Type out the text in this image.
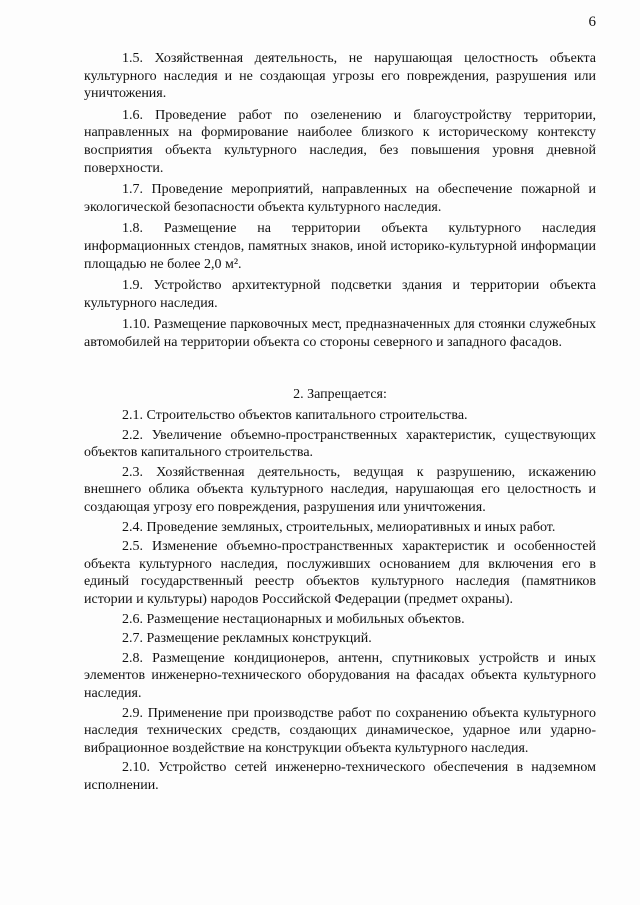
6

1.5. Хозяйственная деятельность, не нарушающая целостность объекта культурного наследия и не создающая угрозы его повреждения, разрушения или уничтожения.

1.6. Проведение работ по озеленению и благоустройству территории, направленных на формирование наиболее близкого к историческому контексту восприятия объекта культурного наследия, без повышения уровня дневной поверхности.

1.7. Проведение мероприятий, направленных на обеспечение пожарной и экологической безопасности объекта культурного наследия.

1.8. Размещение на территории объекта культурного наследия информационных стендов, памятных знаков, иной историко-культурной информации площадью не более 2,0 м².

1.9. Устройство архитектурной подсветки здания и территории объекта культурного наследия.

1.10. Размещение парковочных мест, предназначенных для стоянки служебных автомобилей на территории объекта со стороны северного и западного фасадов.

2. Запрещается:

2.1. Строительство объектов капитального строительства.

2.2. Увеличение объемно-пространственных характеристик, существующих объектов капитального строительства.

2.3. Хозяйственная деятельность, ведущая к разрушению, искажению внешнего облика объекта культурного наследия, нарушающая его целостность и создающая угрозу его повреждения, разрушения или уничтожения.

2.4. Проведение земляных, строительных, мелиоративных и иных работ.

2.5. Изменение объемно-пространственных характеристик и особенностей объекта культурного наследия, послуживших основанием для включения его в единый государственный реестр объектов культурного наследия (памятников истории и культуры) народов Российской Федерации (предмет охраны).

2.6. Размещение нестационарных и мобильных объектов.

2.7. Размещение рекламных конструкций.

2.8. Размещение кондиционеров, антенн, спутниковых устройств и иных элементов инженерно-технического оборудования на фасадах объекта культурного наследия.

2.9. Применение при производстве работ по сохранению объекта культурного наследия технических средств, создающих динамическое, ударное или ударно-вибрационное воздействие на конструкции объекта культурного наследия.

2.10. Устройство сетей инженерно-технического обеспечения в надземном исполнении.
